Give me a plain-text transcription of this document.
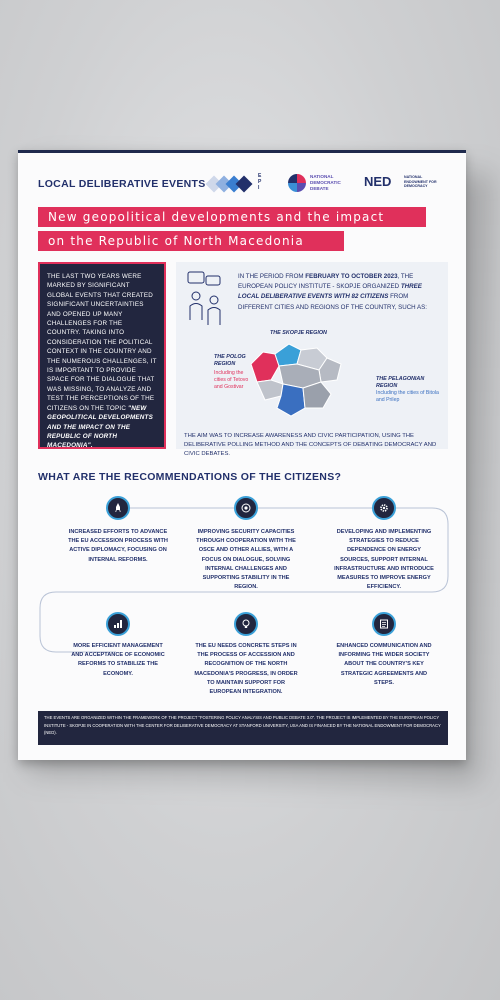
LOCAL DELIBERATIVE EVENTS
E P I
NATIONAL DEMOCRATIC DEBATE	NED	NATIONAL ENDOWMENT FOR DEMOCRACY
New geopolitical developments and the impact
on the Republic of North Macedonia
THE LAST TWO YEARS WERE MARKED BY SIGNIFICANT GLOBAL EVENTS THAT CREATED SIGNIFICANT UNCERTAINTIES AND OPENED UP MANY CHALLENGES FOR THE COUNTRY. TAKING INTO CONSIDERATION THE POLITICAL CONTEXT IN THE COUNTRY AND THE NUMEROUS CHALLENGES, IT IS IMPORTANT TO PROVIDE SPACE FOR THE DIALOGUE THAT WAS MISSING, TO ANALYZE AND TEST THE PERCEPTIONS OF THE CITIZENS ON THE TOPIC "NEW GEOPOLITICAL DEVELOPMENTS AND THE IMPACT ON THE REPUBLIC OF NORTH MACEDONIA".
IN THE PERIOD FROM FEBRUARY TO OCTOBER 2023, THE EUROPEAN POLICY INSTITUTE - SKOPJE ORGANIZED THREE LOCAL DELIBERATIVE EVENTS WITH 82 CITIZENS FROM DIFFERENT CITIES AND REGIONS OF THE COUNTRY, SUCH AS:
THE SKOPJE REGION
THE POLOG REGION
Including the cities of Tetovo and Gostivar
THE PELAGONIAN REGION
Including the cities of Bitola and Prilep
THE AIM WAS TO INCREASE AWARENESS AND CIVIC PARTICIPATION, USING THE DELIBERATIVE POLLING METHOD AND THE CONCEPTS OF DEBATING DEMOCRACY AND CIVIC DEBATES.
WHAT ARE THE RECOMMENDATIONS OF THE CITIZENS?
INCREASED EFFORTS TO ADVANCE THE EU ACCESSION PROCESS WITH ACTIVE DIPLOMACY, FOCUSING ON INTERNAL REFORMS.
IMPROVING SECURITY CAPACITIES THROUGH COOPERATION WITH THE OSCE AND OTHER ALLIES, WITH A FOCUS ON DIALOGUE, SOLVING INTERNAL CHALLENGES AND SUPPORTING STABILITY IN THE REGION.
DEVELOPING AND IMPLEMENTING STRATEGIES TO REDUCE DEPENDENCE ON ENERGY SOURCES, SUPPORT INTERNAL INFRASTRUCTURE AND INTRODUCE MEASURES TO IMPROVE ENERGY EFFICIENCY.
MORE EFFICIENT MANAGEMENT AND ACCEPTANCE OF ECONOMIC REFORMS TO STABILIZE THE ECONOMY.
THE EU NEEDS CONCRETE STEPS IN THE PROCESS OF ACCESSION AND RECOGNITION OF THE NORTH MACEDONIA'S PROGRESS, IN ORDER TO MAINTAIN SUPPORT FOR EUROPEAN INTEGRATION.
ENHANCED COMMUNICATION AND INFORMING THE WIDER SOCIETY ABOUT THE COUNTRY'S KEY STRATEGIC AGREEMENTS AND STEPS.
THE EVENTS ARE ORGANIZED WITHIN THE FRAMEWORK OF THE PROJECT "FOSTERING POLICY ANALYSIS AND PUBLIC DEBATE 3.0". THE PROJECT IS IMPLEMENTED BY THE EUROPEAN POLICY INSTITUTE - SKOPJE IN COOPERATION WITH THE CENTER FOR DELIBERATIVE DEMOCRACY AT STANFORD UNIVERSITY, USA AND IS FINANCED BY THE NATIONAL ENDOWMENT FOR DEMOCRACY (NED).
